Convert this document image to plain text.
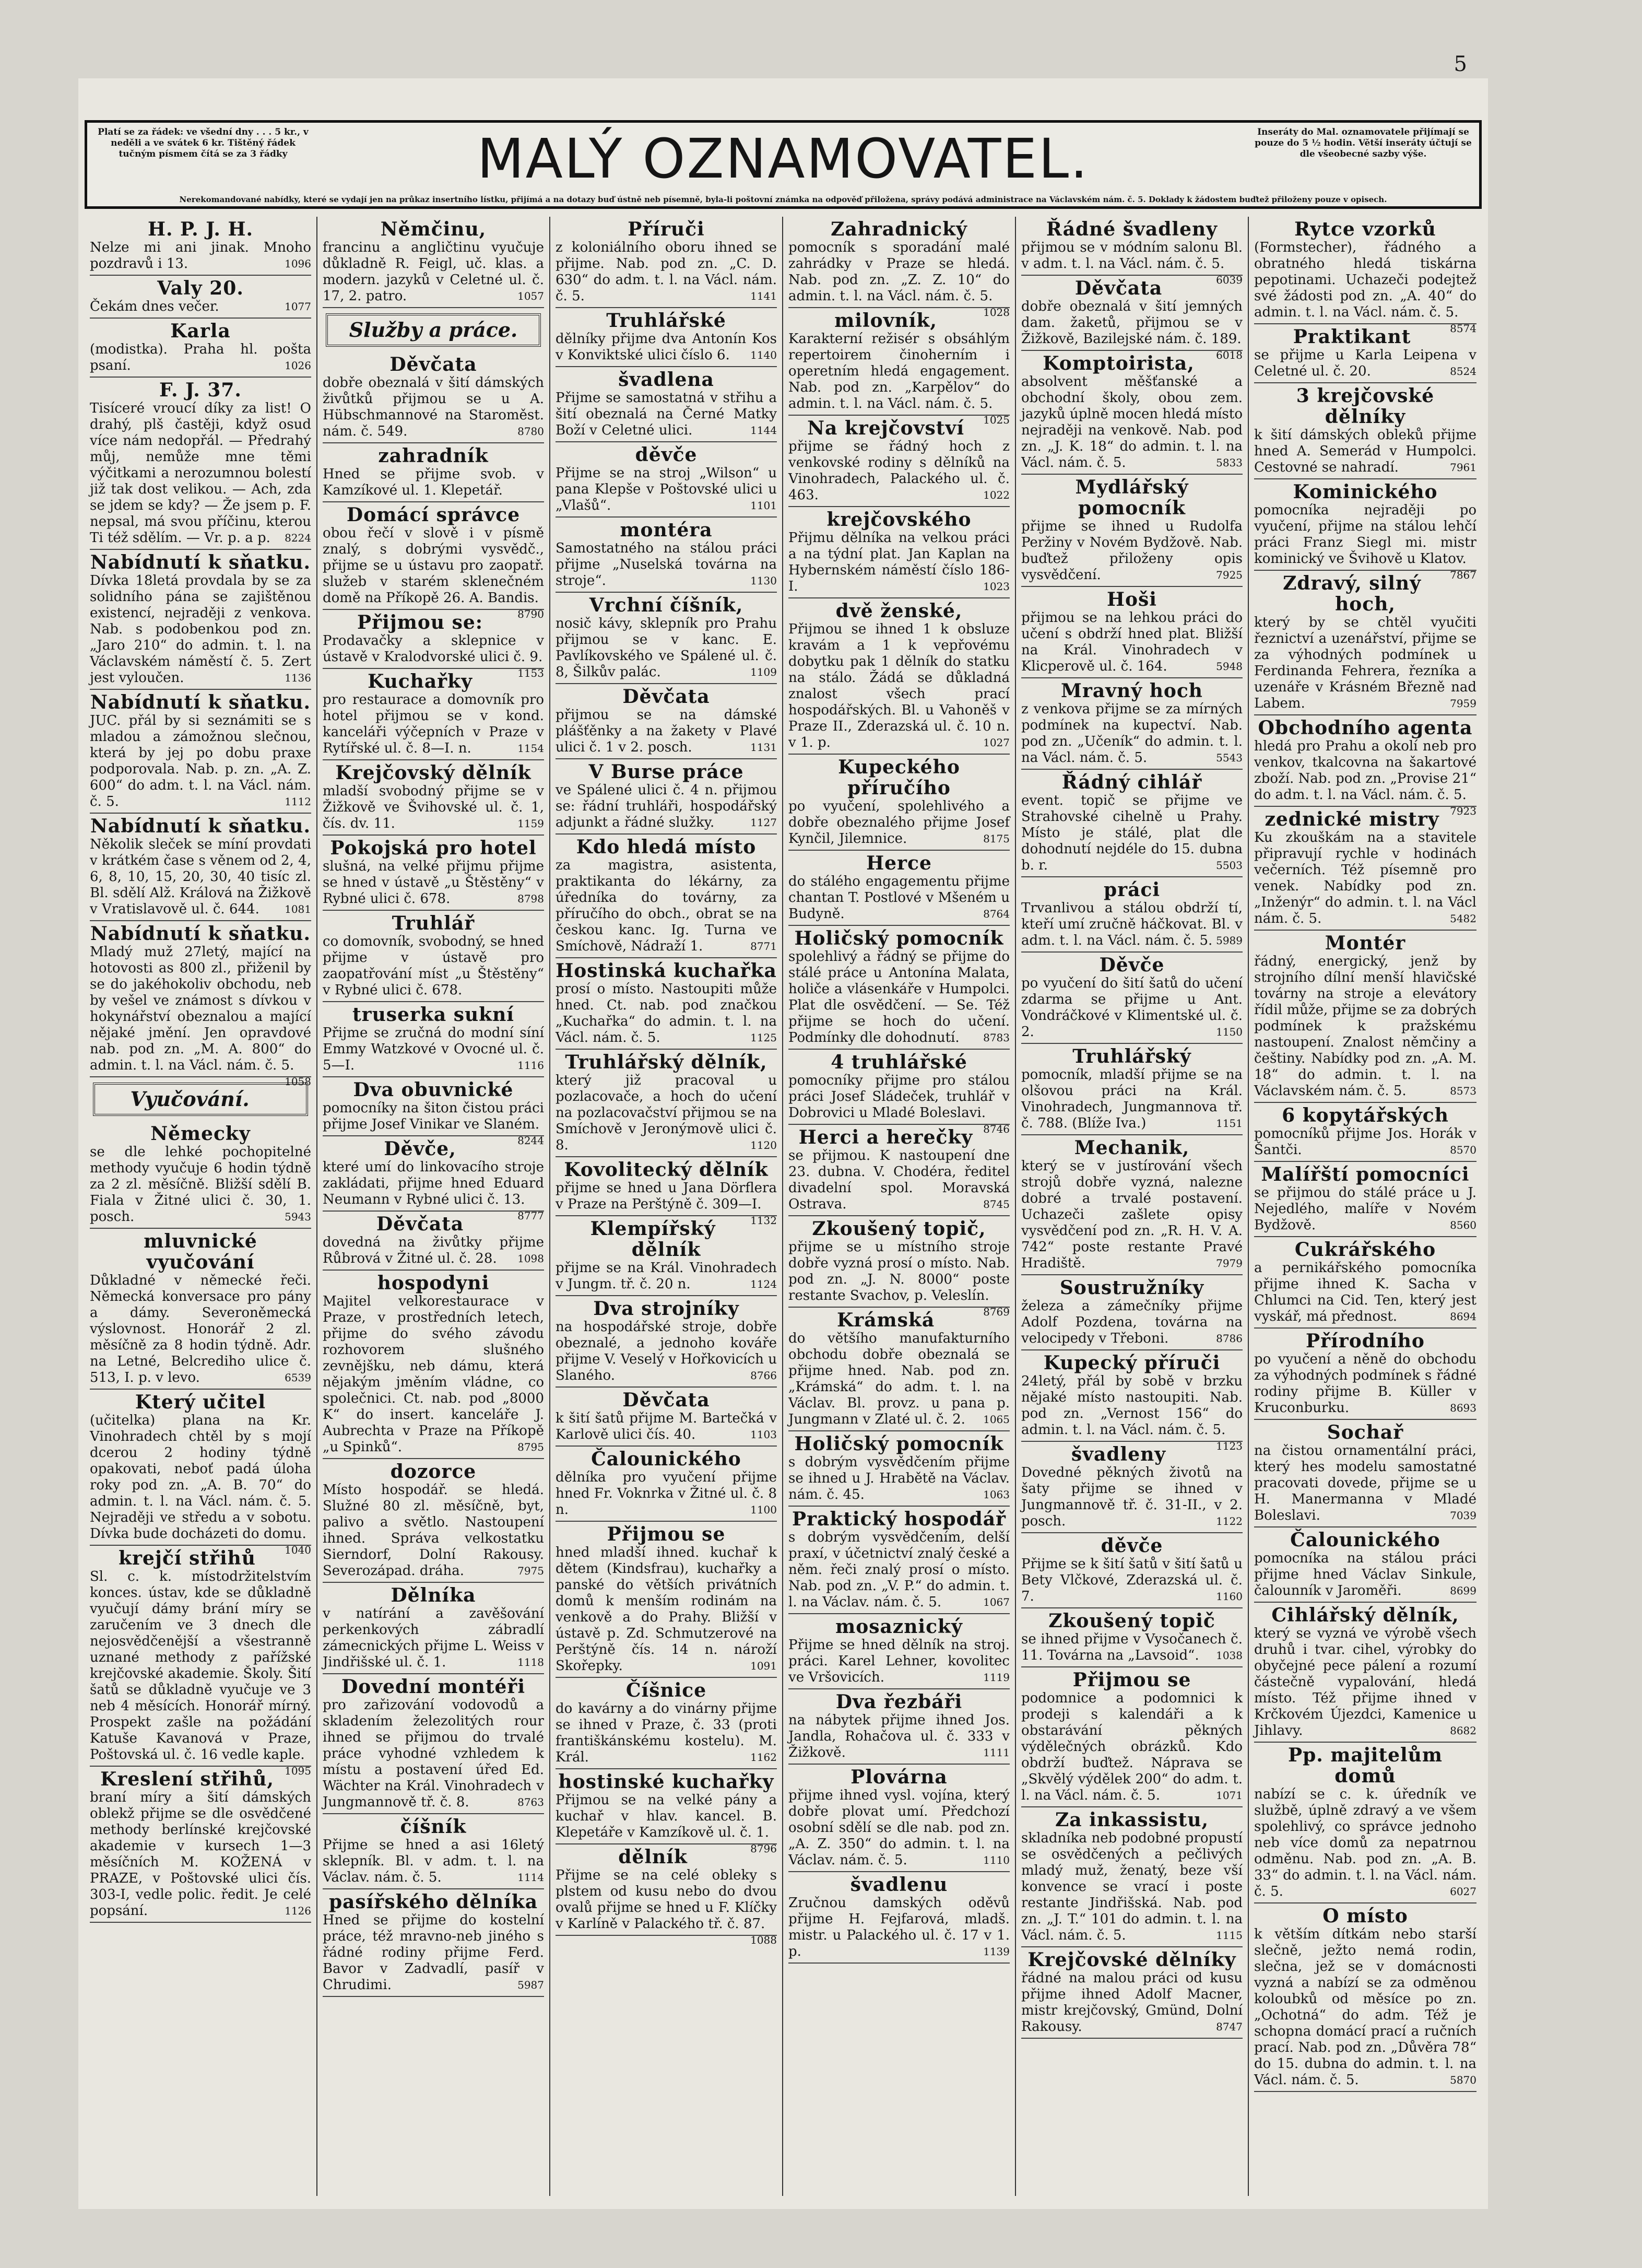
5
Platí se za řádek: ve všední dny . . . 5 kr., v neděli a ve svátek 6 kr. Tištěný řádek tučným písmem čítá se za 3 řádky	MALÝ OZNAMOVATEL.	Inseráty do Mal. oznamovatele přijímají se pouze do 5 ½ hodin. Větší inseráty účtují se dle všeobecné sazby výše.
Nerekomandované nabídky, které se vydají jen na průkaz insertního lístku, přijímá a na dotazy buď ústně neb písemně, byla-li poštovní známka na odpověď přiložena, správy podává administrace na Václavském nám. č. 5. Doklady k žádostem buďtež přiloženy pouze v opisech.
H. P. J. H.
Nelze mi ani jinak. Mnoho pozdravů i 13.	1096
Valy 20.
Čekám dnes večer.	1077
Karla
(modistka). Praha hl. pošta psaní.	1026
F. J. 37.
Tisíceré vroucí díky za list! O drahý, plš častěji, když osud více nám nedopřál. — Předrahý můj, nemůže mne těmi výčitkami a nerozumnou bolestí již tak dost velikou. — Ach, zda se jdem se kdy? — Že jsem p. F. nepsal, má svou příčinu, kterou Ti též sdělím. — Vr. p. a p. 8224
Nabídnutí k sňatku.
Dívka 18letá provdala by se za solidního pána se zajištěnou existencí, nejraději z venkova. Nab. s podobenkou pod zn. „Jaro 210“ do admin. t. l. na Václavském náměstí č. 5. Zert jest vyloučen.	1136
Nabídnutí k sňatku.
JUC. přál by si seznámiti se s mladou a zámožnou slečnou, která by jej po dobu praxe podporovala. Nab. p. zn. „A. Z. 600“ do adm. t. l. na Václ. nám. č. 5.	1112
Nabídnutí k sňatku.
Několik sleček se míní provdati v krátkém čase s věnem od 2, 4, 6, 8, 10, 15, 20, 30, 40 tisíc zl. Bl. sdělí Alž. Králová na Žižkově v Vratislavově ul. č. 644. 1081
Nabídnutí k sňatku.
Mladý muž 27letý, mající na hotovosti as 800 zl., přiženil by se do jakéhokoliv obchodu, neb by vešel ve známost s dívkou v hokynářství obeznalou a mající nějaké jmění. Jen opravdové nab. pod zn. „M. A. 800“ do admin. t. l. na Václ. nám. č. 5.
1058
Vyučování.
Německy
se dle lehké pochopitelné methody vyučuje 6 hodin týdně za 2 zl. měsíčně. Bližší sdělí B. Fiala v Žitné ulici č. 30, 1. posch.	5943
mluvnické vyučování
Důkladné v německé řeči. Německá konversace pro pány a dámy. Severoněmecká výslovnost. Honorář 2 zl. měsíčně za 8 hodin týdně. Adr. na Letné, Belcrediho ulice č. 513, I. p. v levo.	6539
Který učitel
(učitelka) plana na Kr. Vinohradech chtěl by s mojí dcerou 2 hodiny týdně opakovati, neboť padá úloha roky pod zn. „A. B. 70“ do admin. t. l. na Václ. nám. č. 5. Nejraději ve středu a v sobotu. Dívka bude docházeti do domu.
1040
krejčí střihů
Sl. c. k. místodržitelstvím konces. ústav, kde se důkladně vyučují dámy brání míry se zaručením ve 3 dnech dle nejosvědčenější a všestranně uznané methody z pařížské krejčovské akademie. Školy. Šití šatů se důkladně vyučuje ve 3 neb 4 měsících. Honorář mírný. Prospekt zašle na požádání Katuše Kavanová v Praze, Poštovská ul. č. 16 vedle kaple.
1095
Kreslení střihů,
braní míry a šití dámských oblekž přijme se dle osvědčené methody berlínské krejčovské akademie v kursech 1—3 měsíčních M. KOŽENÁ v PRAZE, v Poštovské ulici čís. 303-I, vedle polic. ředit. Je celé popsání.	1126
Němčinu,
francinu a angličtinu vyučuje důkladně R. Feigl, uč. klas. a modern. jazyků v Celetné ul. č. 17, 2. patro.	1057
Služby a práce.
Děvčata
dobře obeznalá v šití dámských živůtků přijmou se u A. Hübschmannové na Staroměst. nám. č. 549.	8780
zahradník
Hned se přijme svob. v Kamzíkové ul. 1. Klepetář.
Domácí správce
obou řečí v slově i v písmě znalý, s dobrými vysvědč., přijme se u ústavu pro zaopatř. služeb v starém sklenečném domě na Příkopě 26. A. Bandis.
8790
Přijmou se:
Prodavačky a sklepnice v ústavě v Kralodvorské ulici č. 9.
1153
Kuchařky
pro restaurace a domovník pro hotel přijmou se v kond. kanceláři výčepních v Praze v Rytířské ul. č. 8—I. n.	1154
Krejčovský dělník
mladší svobodný přijme se v Žižkově ve Švihovské ul. č. 1, čís. dv. 11.	1159
Pokojská pro hotel
slušná, na velké přijmu přijme se hned v ústavě „u Štěstěny“ v Rybné ulici č. 678.	8798
Truhlář
co domovník, svobodný, se hned přijme v ústavě pro zaopatřování míst „u Štěstěny“ v Rybné ulici č. 678.
truserka sukní
Přijme se zručná do modní síní Emmy Watzkové v Ovocné ul. č. 5—I.	1116
Dva obuvnické
pomocníky na šiton čistou práci přijme Josef Vinikar ve Slaném.
8244
Děvče,
které umí do linkovacího stroje zakládati, přijme hned Eduard Neumann v Rybné ulici č. 13.
8777
Děvčata
dovedná na živůtky přijme Růbrová v Žitné ul. č. 28. 1098
hospodyni
Majitel velkorestaurace v Praze, v prostředních letech, přijme do svého závodu rozhovorem slušného zevnějšku, neb dámu, která nějakým jměním vládne, co společnici. Ct. nab. pod „8000 K“ do insert. kanceláře J. Aubrechta v Praze na Příkopě „u Spinků“.	8795
dozorce
Místo hospodář. se hledá. Služné 80 zl. měsíčně, byt, palivo a světlo. Nastoupení ihned. Správa velkostatku Sierndorf, Dolní Rakousy. Severozápad. dráha.	7975
Dělníka
v natírání a zavěšování perkenkových zábradlí zámecnických přijme L. Weiss v Jindřišské ul. č. 1.	1118
Dovední montéři
pro zařizování vodovodů a skladením železolitých rour ihned se přijmou do trvalé práce vyhodné vzhledem k místu a postavení úřed Ed. Wächter na Král. Vinohradech v Jungmannově tř. č. 8.	8763
číšník
Přijme se hned a asi 16letý sklepník. Bl. v adm. t. l. na Václav. nám. č. 5.	1114
pasířského dělníka
Hned se přijme do kostelní práce, též mravno-neb jiného s řádné rodiny přijme Ferd. Bavor v Zadvadlí, pasíř v Chrudimi.	5987
Příruči
z koloniálního oboru ihned se přijme. Nab. pod zn. „C. D. 630“ do adm. t. l. na Václ. nám. č. 5.	1141
Truhlářské
dělníky přijme dva Antonín Kos v Konviktské ulici číslo 6. 1140
švadlena
Přijme se samostatná v střihu a šití obeznalá na Černé Matky Boží v Celetné ulici.	1144
děvče
Přijme se na stroj „Wilson“ u pana Klepše v Poštovské ulici u „Vlašů“.	1101
montéra
Samostatného na stálou práci přijme „Nuselská továrna na stroje“.	1130
Vrchní číšník,
nosič kávy, sklepník pro Prahu přijmou se v kanc. E. Pavlíkovského ve Spálené ul. č. 8, Šilkův palác.	1109
Děvčata
přijmou se na dámské plášťěnky a na žakety v Plavé ulici č. 1 v 2. posch.	1131
V Burse práce
ve Spálené ulici č. 4 n. přijmou se: řádní truhláři, hospodářský adjunkt a řádné služky.	1127
Kdo hledá místo
za magistra, asistenta, praktikanta do lékárny, za úředníka do továrny, za příručího do obch., obrat se na českou kanc. Ig. Turna ve Smíchově, Nádraží 1.	8771
Hostinská kuchařka
prosí o místo. Nastoupiti může hned. Ct. nab. pod značkou „Kuchařka“ do admin. t. l. na Václ. nám. č. 5.	1125
Truhlářský dělník,
který již pracoval u pozlacovače, a hoch do učení na pozlacovačství přijmou se na Smíchově v Jeronýmově ulici č. 8.	1120
Kovolitecký dělník
přijme se hned u Jana Dörflera v Praze na Perštýně č. 309—I.
1132
Klempířský dělník
přijme se na Král. Vinohradech v Jungm. tř. č. 20 n.	1124
Dva strojníky
na hospodářské stroje, dobře obeznalé, a jednoho kováře přijme V. Veselý v Hořkovicích u Slaného.	8766
Děvčata
k šití šatů přijme M. Bartečká v Karlově ulici čís. 40.	1103
Čalounického
dělníka pro vyučení přijme hned Fr. Voknrka v Žitné ul. č. 8 n.	1100
Přijmou se
hned mladší ihned. kuchař k dětem (Kindsfrau), kuchařky a panské do větších privátních domů k menším rodinám na venkově a do Prahy. Bližší v ústavě p. Zd. Schmutzerové na Perštýně čís. 14 n. nároží Skořepky.	1091
Číšnice
do kavárny a do vinárny přijme se ihned v Praze, č. 33 (proti františkánskému kostelu). M. Král.	1162
hostinské kuchařky
Přijmou se na velké pány a kuchař v hlav. kancel. B. Klepetáře v Kamzíkově ul. č. 1.
8796
dělník
Přijme se na celé obleky s plstem od kusu nebo do dvou ovalů přijme se hned u F. Klíčky v Karlíně v Palackého tř. č. 87.
1088
Zahradnický
pomocník s sporadání malé zahrádky v Praze se hledá. Nab. pod zn. „Z. Z. 10“ do admin. t. l. na Václ. nám. č. 5.
1028
milovník,
Karakterní režisér s obsáhlým repertoirem činoherním i operetním hledá engagement. Nab. pod zn. „Karpělov“ do admin. t. l. na Václ. nám. č. 5.
1025
Na krejčovství
přijme se řádný hoch z venkovské rodiny s dělníků na Vinohradech, Palackého ul. č. 463.	1022
krejčovského
Přijmu dělníka na velkou práci a na týdní plat. Jan Kaplan na Hybernském náměstí číslo 186-I.	1023
dvě ženské,
Přijmou se ihned 1 k obsluze kravám a 1 k vepřovému dobytku pak 1 dělník do statku na stálo. Žádá se důkladná znalost všech prací hospodářských. Bl. u Vahoněš v Praze II., Zderazská ul. č. 10 n. v 1. p.	1027
Kupeckého příručího
po vyučení, spolehlivého a dobře obeznalého přijme Josef Kynčil, Jilemnice.	8175
Herce
do stálého engagementu přijme chantan T. Postlové v Mšeném u Budyně.	8764
Holičský pomocník
spolehlivý a řádný se přijme do stálé práce u Antonína Malata, holiče a vlásenkáře v Humpolci. Plat dle osvědčení. — Se. Též přijme se hoch do učení. Podmínky dle dohodnutí. 8783
4 truhlářské
pomocníky přijme pro stálou práci Josef Sládeček, truhlář v Dobrovici u Mladé Boleslavi.
8746
Herci a herečky
se přijmou. K nastoupení dne 23. dubna. V. Chodéra, ředitel divadelní spol. Moravská Ostrava.	8745
Zkoušený topič,
přijme se u místního stroje dobře vyzná prosí o místo. Nab. pod zn. „J. N. 8000“ poste restante Svachov, p. Veleslín.
8769
Krámská
do většího manufakturního obchodu dobře obeznalá se přijme hned. Nab. pod zn. „Krámská“ do adm. t. l. na Václav. Bl. provz. u pana p. Jungmann v Zlaté ul. č. 2. 1065
Holičský pomocník
s dobrým vysvědčením přijme se ihned u J. Hrabětě na Václav. nám. č. 45.	1063
Praktický hospodář
s dobrým vysvědčením, delší praxí, v účetnictví znalý české a něm. řeči znalý prosí o místo. Nab. pod zn. „V. P.“ do admin. t. l. na Václav. nám. č. 5.	1067
mosaznický
Přijme se hned dělník na stroj. práci. Karel Lehner, kovolitec ve Vršovicích.	1119
Dva řezbáři
na nábytek přijme ihned Jos. Jandla, Rohačova ul. č. 333 v Žižkově.	1111
Plovárna
přijme ihned vysl. vojína, který dobře plovat umí. Předchozí osobní sdělí se dle nab. pod zn. „A. Z. 350“ do admin. t. l. na Václav. nám. č. 5.	1110
švadlenu
Zručnou damských oděvů přijme H. Fejfarová, mladš. mistr. u Palackého ul. č. 17 v 1. p.	1139
Řádné švadleny
přijmou se v módním salonu Bl. v adm. t. l. na Václ. nám. č. 5.
6039
Děvčata
dobře obeznalá v šití jemných dam. žaketů, přijmou se v Žižkově, Bazilejské nám. č. 189.
6018
Komptoiristа,
absolvent měšťanské a obchodní školy, obou zem. jazyků úplně mocen hledá místo nejraději na venkově. Nab. pod zn. „J. K. 18“ do admin. t. l. na Václ. nám. č. 5.	5833
Mydlářský pomocník
přijme se ihned u Rudolfa Peržiny v Novém Bydžově. Nab. buďtež přiloženy opis vysvědčení.	7925
Hoši
přijmou se na lehkou práci do učení s obdrží hned plat. Bližší na Král. Vinohradech v Klicperově ul. č. 164.	5948
Mravný hoch
z venkova přijme se za mírných podmínek na kupectví. Nab. pod zn. „Učeník“ do admin. t. l. na Václ. nám. č. 5.	5543
Řádný cihlář
event. topič se přijme ve Strahovské cihelně u Prahy. Místo je stálé, plat dle dohodnutí nejdéle do 15. dubna b. r.	5503
práci
Trvanlivou a stálou obdrží tí, kteří umí zručně háčkovat. Bl. v adm. t. l. na Václ. nám. č. 5. 5989
Děvče
po vyučení do šití šatů do učení zdarma se přijme u Ant. Vondráčkové v Klimentské ul. č. 2.	1150
Truhlářský
pomocník, mladší přijme se na olšovou práci na Král. Vinohradech, Jungmannova tř. č. 788. (Blíže Iva.)	1151
Mechanik,
který se v justírování všech strojů dobře vyzná, nalezne dobré a trvalé postavení. Uchazeči zašlete opisy vysvědčení pod zn. „R. H. V. A. 742“ poste restante Pravé Hradiště.	7979
Soustružníky
železa a zámečníky přijme Adolf Pozdena, továrna na velocipedy v Třeboni.	8786
Kupecký příruči
24letý, přál by sobě v brzku nějaké místo nastoupiti. Nab. pod zn. „Vernost 156“ do admin. t. l. na Václ. nám. č. 5.
1123
švadleny
Dovedné pěkných životů na šaty přijme se ihned v Jungmannově tř. č. 31-II., v 2. posch.	1122
děvče
Přijme se k šití šatů v šití šatů u Bety Vlčkové, Zderazská ul. č. 7.	1160
Zkoušený topič
se ihned přijme v Vysočanech č. 11. Továrna na „Lavsoid“. 1038
Přijmou se
podomnice a podomnici k prodeji s kalendáři a k obstarávání pěkných výdělečných obrázků. Kdo obdrží buďtež. Náprava se „Skvělý výdělek 200“ do adm. t. l. na Václ. nám. č. 5.	1071
Za inkassistu,
skladníka neb podobné propustí se osvědčených a pečlivých mladý muž, ženatý, beze vší konvence se vrací i poste restante Jindřišská. Nab. pod zn. „J. T.“ 101 do admin. t. l. na Václ. nám. č. 5.	1115
Krejčovské dělníky
řádné na malou práci od kusu přijme ihned Adolf Macner, mistr krejčovský, Gmünd, Dolní Rakousy.	8747
Rytce vzorků
(Formstecher), řádného a obratného hledá tiskárna pepotinami. Uchazeči podejtež své žádosti pod zn. „A. 40“ do admin. t. l. na Václ. nám. č. 5.
8574
Praktikant
se přijme u Karla Leipena v Celetné ul. č. 20.	8524
3 krejčovské dělníky
k šití dámských obleků přijme hned A. Semerád v Humpolci. Cestovné se nahradí.	7961
Kominického
pomocníka nejraději po vyučení, přijme na stálou lehčí práci Franz Siegl mi. mistr kominický ve Švihově u Klatov.
7867
Zdravý, silný hoch,
který by se chtěl vyučiti řeznictví a uzenářství, přijme se za výhodných podmínek u Ferdinanda Fehrera, řezníka a uzenáře v Krásném Březně nad Labem.	7959
Obchodního agenta
hledá pro Prahu a okolí neb pro venkov, tkalcovna na šakartové zboží. Nab. pod zn. „Provise 21“ do adm. t. l. na Václ. nám. č. 5.
7923
zednické mistry
Ku zkouškám na a stavitele připravují rychle v hodinách večerních. Též písemně pro venek. Nabídky pod zn. „Inženýr“ do admin. t. l. na Václ nám. č. 5.	5482
Montér
řádný, energický, jenž by strojního dílní menší hlavičské továrny na stroje a elevátory řídil může, přijme se za dobrých podmínek k pražskému nastoupení. Znalost němčiny a češtiny. Nabídky pod zn. „A. M. 18“ do admin. t. l. na Václavském nám. č. 5.	8573
6 kopytářských
pomocníků přijme Jos. Horák v Šantči.	8570
Malířští pomocníci
se přijmou do stálé práce u J. Nejedlého, malíře v Novém Bydžově.	8560
Cukrářského
a pernikářského pomocníka přijme ihned K. Sacha v Chlumci na Cid. Ten, který jest vyskář, má přednost.	8694
Přírodního
po vyučení a něně do obchodu za výhodných podmínek s řádné rodiny přijme B. Küller v Kruconburku.	8693
Sochař
na čistou ornamentální práci, který hes modelu samostatné pracovati dovede, přijme se u H. Manermanna v Mladé Boleslavi.	7039
Čalounického
pomocníka na stálou práci přijme hned Václav Sinkule, čalounník v Jaroměři.	8699
Cihlářský dělník,
který se vyzná ve výrobě všech druhů i tvar. cihel, výrobky do obyčejné pece pálení a rozumí částečně vypalování, hledá místo. Též přijme ihned v Krčkovém Újezdci, Kamenice u Jihlavy.	8682
Pp. majitelům domů
nabízí se c. k. úředník ve službě, úplně zdravý a ve všem spolehlivý, co správce jednoho neb více domů za nepatrnou odměnu. Nab. pod zn. „A. B. 33“ do admin. t. l. na Václ. nám. č. 5.	6027
O místo
k větším dítkám nebo starší slečně, ježto nemá rodin, slečna, jež se v domácnosti vyzná a nabízí se za odměnou koloubků od měsíce po zn. „Ochotná“ do adm. Též je schopna domácí prací a ručních prací. Nab. pod zn. „Důvěra 78“ do 15. dubna do admin. t. l. na Václ. nám. č. 5.	5870
